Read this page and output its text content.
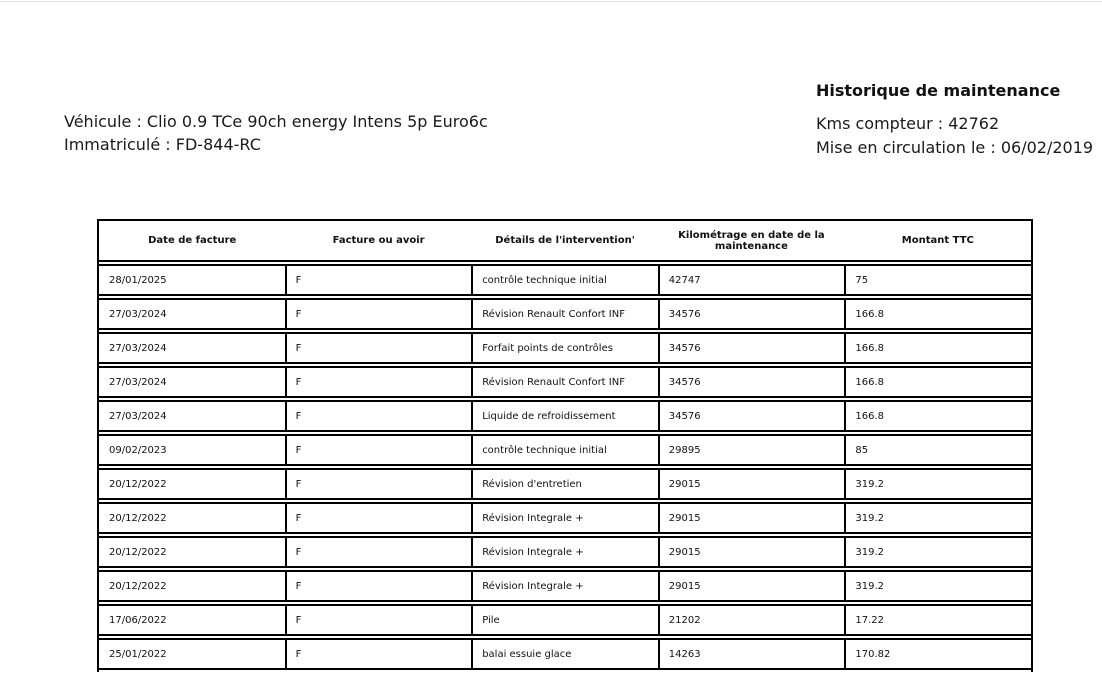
Véhicule : Clio 0.9 TCe 90ch energy Intens 5p Euro6c
Immatriculé : FD-844-RC
Historique de maintenance
Kms compteur : 42762
Mise en circulation le : 06/02/2019
Date de facture	Facture ou avoir	Détails de l'intervention'	Kilométrage en date de la maintenance	Montant TTC
28/01/2025	F	contrôle technique initial	42747	75
27/03/2024	F	Révision Renault Confort INF	34576	166.8
27/03/2024	F	Forfait points de contrôles	34576	166.8
27/03/2024	F	Révision Renault Confort INF	34576	166.8
27/03/2024	F	Liquide de refroidissement	34576	166.8
09/02/2023	F	contrôle technique initial	29895	85
20/12/2022	F	Révision d'entretien	29015	319.2
20/12/2022	F	Révision Integrale +	29015	319.2
20/12/2022	F	Révision Integrale +	29015	319.2
20/12/2022	F	Révision Integrale +	29015	319.2
17/06/2022	F	Pile	21202	17.22
25/01/2022	F	balai essuie glace	14263	170.82
